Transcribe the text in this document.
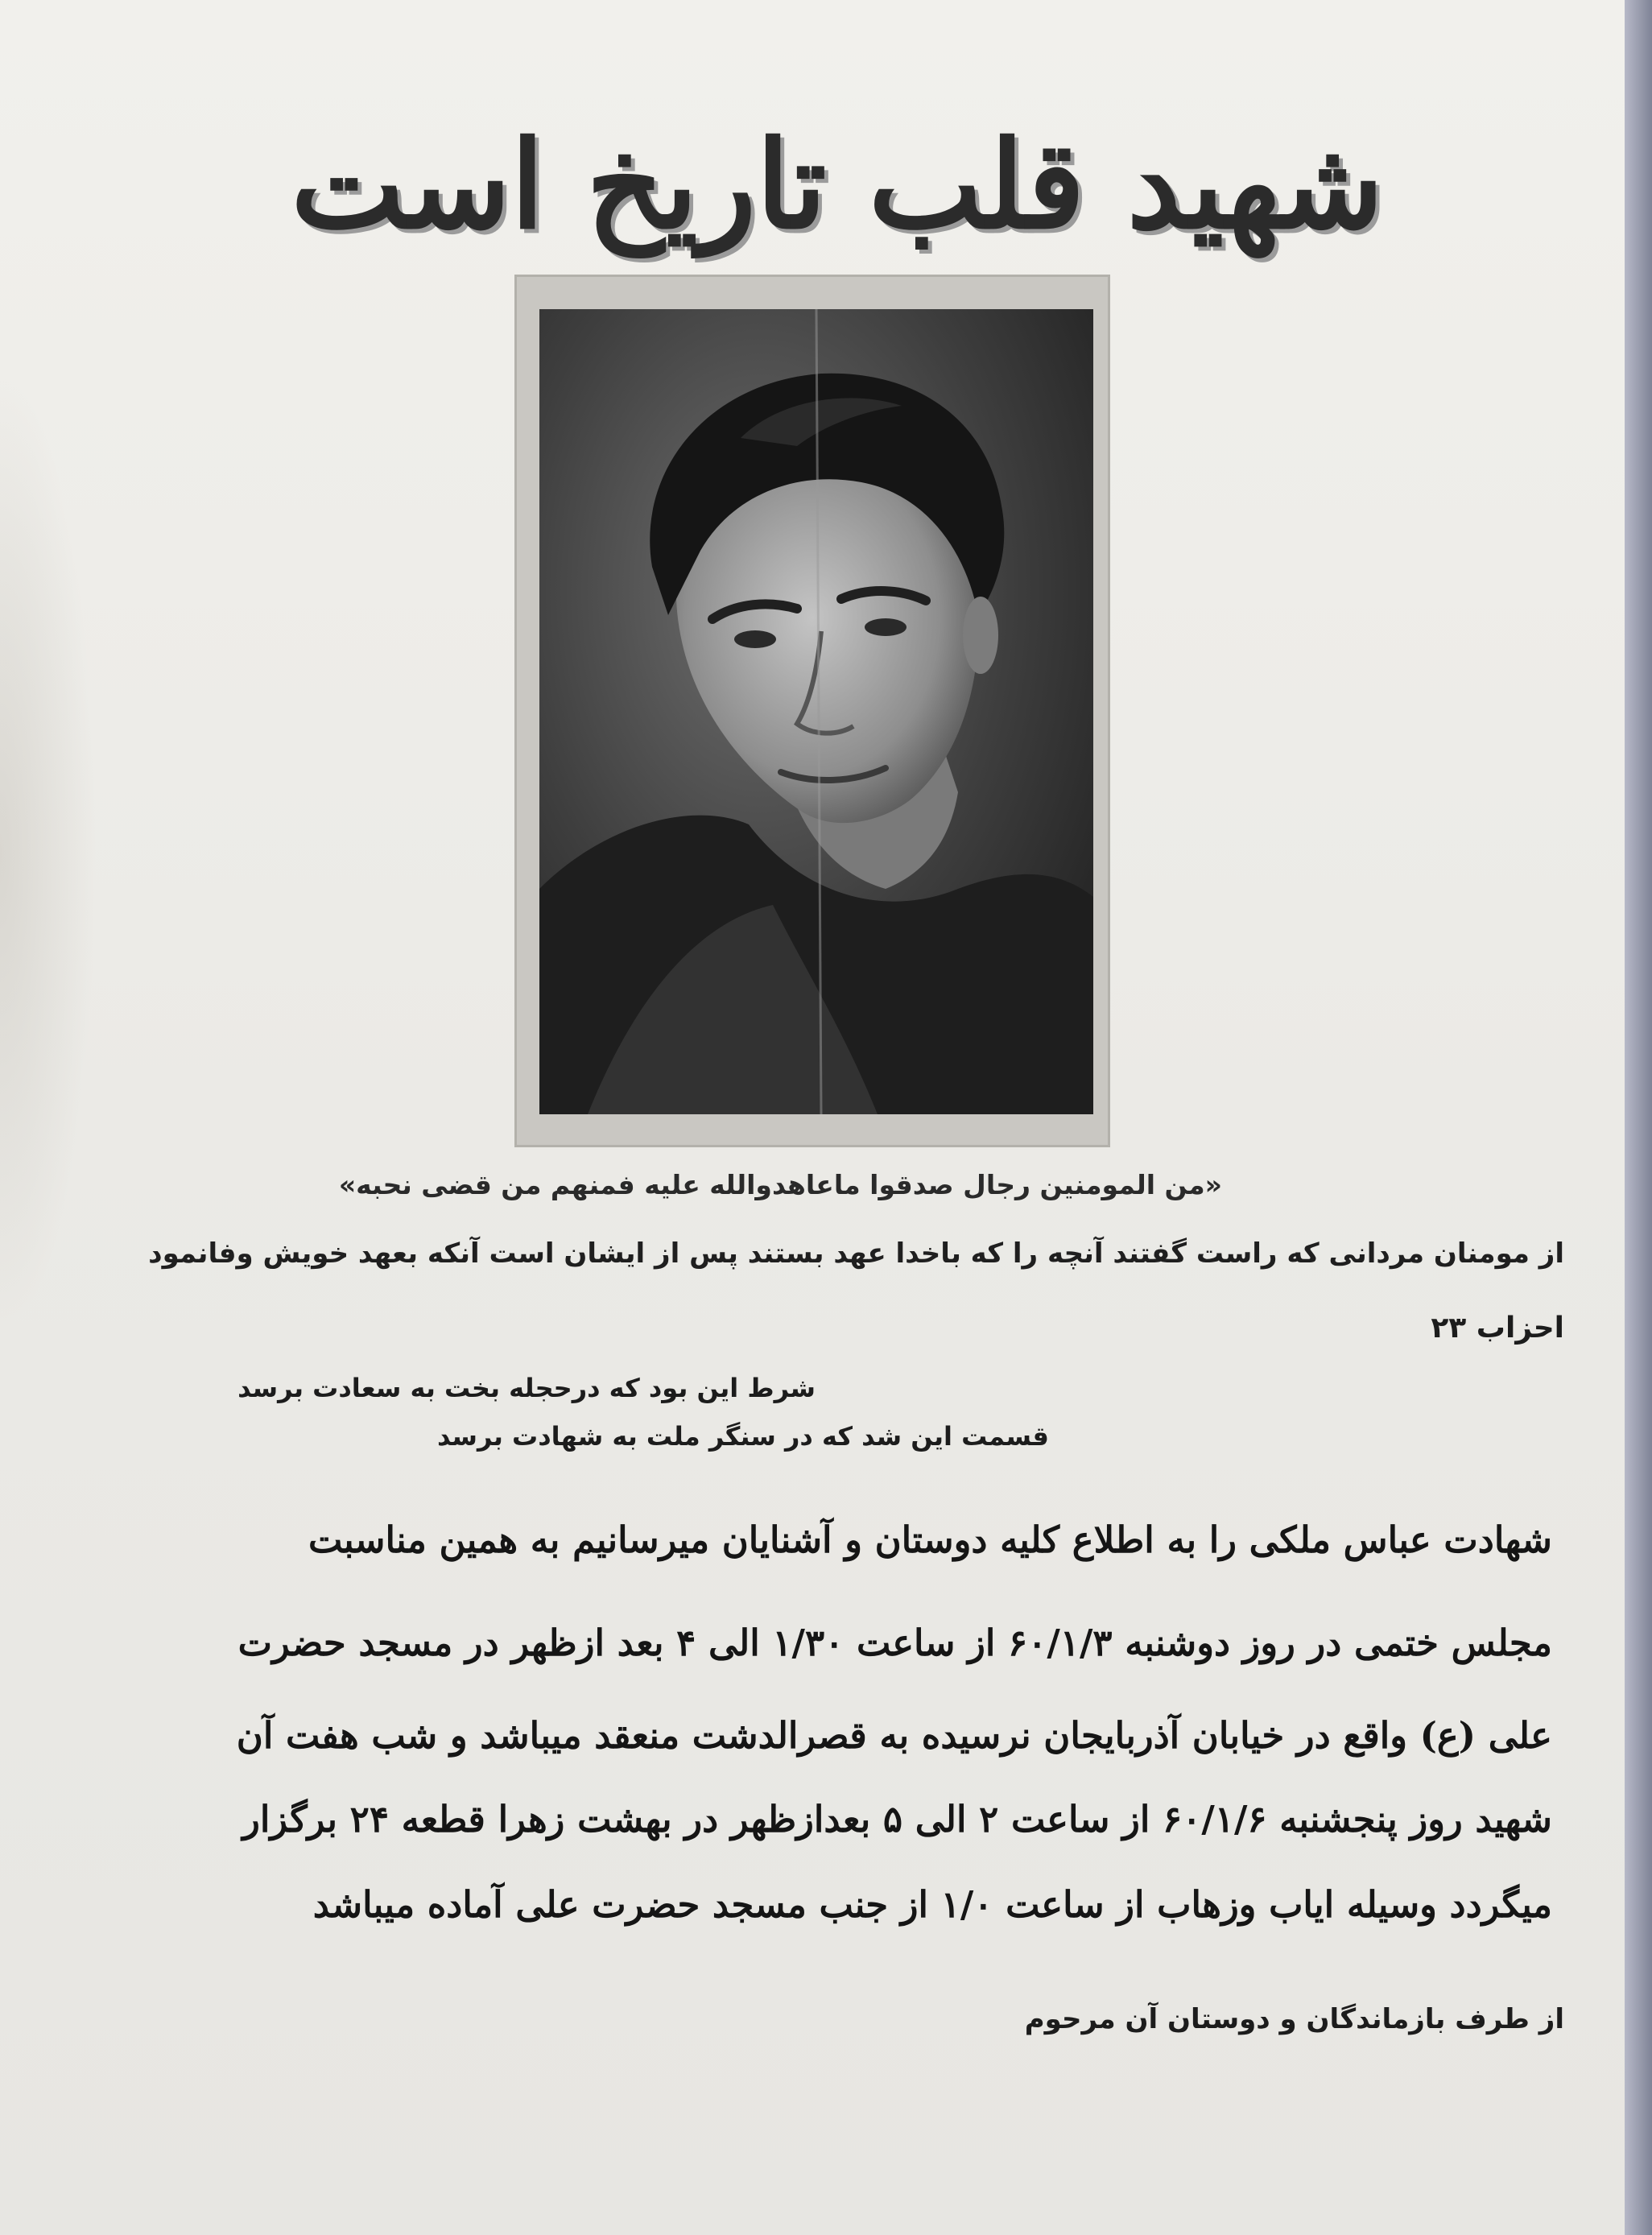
شهید قلب تاریخ است

«من المومنین رجال صدقوا ماعاهدوالله علیه فمنهم من قضی نحبه»

از مومنان مردانی که راست گفتند آنچه را که باخدا عهد بستند پس از ایشان است آنکه بعهد خویش وفانمود

احزاب ۲۳

شرط این بود که درحجله بخت به سعادت برسد

قسمت این شد که در سنگر ملت به شهادت برسد

شهادت عباس ملکی را به اطلاع کلیه دوستان و آشنایان میرسانیم به همین مناسبت

مجلس ختمی در روز دوشنبه ۶۰/۱/۳ از ساعت ۱/۳۰ الی ۴ بعد ازظهر در مسجد حضرت

علی (ع) واقع در خیابان آذربایجان نرسیده به قصرالدشت منعقد میباشد و شب هفت آن

شهید روز پنجشنبه ۶۰/۱/۶ از ساعت ۲ الی ۵ بعدازظهر در بهشت زهرا قطعه ۲۴ برگزار

میگردد وسیله ایاب وزهاب از ساعت ۱/۰ از جنب مسجد حضرت علی آماده میباشد

از طرف بازماندگان و دوستان آن مرحوم
